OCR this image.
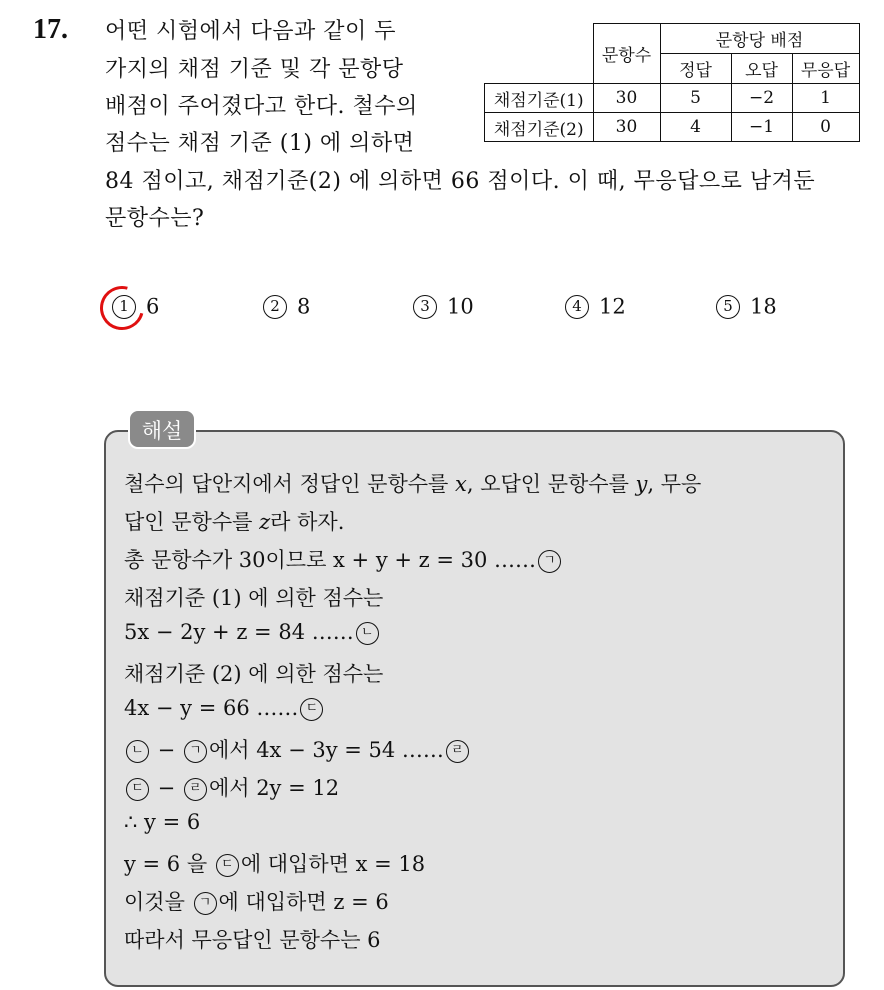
17. 어떤 시험에서 다음과 같이 두
가지의 채점 기준 및 각 문항당
배점이 주어졌다고 한다. 철수의
점수는 채점 기준 (1) 에 의하면
84 점이고, 채점기준(2) 에 의하면 66 점이다. 이 때, 무응답으로 남겨둔
문항수는?
	문항수	문항당 배점		
		정답	오답	무응답
채점기준(1)	30	5	−2	1
채점기준(2)	30	4	−1	0
1 6	2 8	3 10	4 12	5 18
해설
철수의 답안지에서 정답인 문항수를 x, 오답인 문항수를 y, 무응
답인 문항수를 z라 하자.
총 문항수가 30이므로 x + y + z = 30 …… ㄱ
채점기준 (1) 에 의한 점수는
5x − 2y + z = 84 …… ㄴ
채점기준 (2) 에 의한 점수는
4x − y = 66 …… ㄷ
ㄴ − ㄱ 에서 4x − 3y = 54 …… ㄹ
ㄷ − ㄹ 에서 2y = 12
∴ y = 6
y = 6 을 ㄷ 에 대입하면 x = 18
이것을 ㄱ 에 대입하면 z = 6
따라서 무응답인 문항수는 6
